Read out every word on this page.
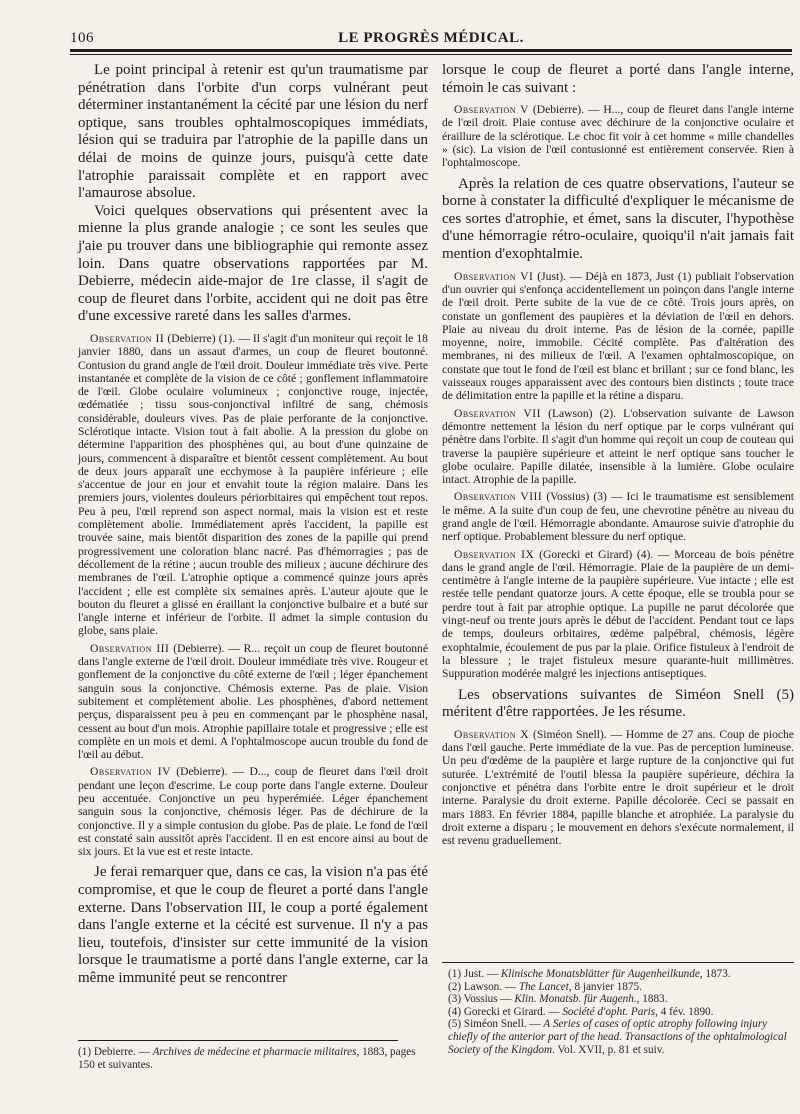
106	LE PROGRÈS MÉDICAL.

Le point principal à retenir est qu'un traumatisme par pénétration dans l'orbite d'un corps vulnérant peut déterminer instantanément la cécité par une lésion du nerf optique, sans troubles ophtalmoscopiques immédiats, lésion qui se traduira par l'atrophie de la papille dans un délai de moins de quinze jours, puisqu'à cette date l'atrophie paraissait complète et en rapport avec l'amaurose absolue.

Voici quelques observations qui présentent avec la mienne la plus grande analogie ; ce sont les seules que j'aie pu trouver dans une bibliographie qui remonte assez loin. Dans quatre observations rapportées par M. Debierre, médecin aide-major de 1re classe, il s'agit de coup de fleuret dans l'orbite, accident qui ne doit pas être d'une excessive rareté dans les salles d'armes.

Observation II (Debierre) (1). — Il s'agit d'un moniteur qui reçoit le 18 janvier 1880, dans un assaut d'armes, un coup de fleuret boutonné. Contusion du grand angle de l'œil droit. Douleur immédiate très vive. Perte instantanée et complète de la vision de ce côté ; gonflement inflammatoire de l'œil. Globe oculaire volumineux ; conjonctive rouge, injectée, œdématiée ; tissu sous-conjonctival infiltré de sang, chémosis considérable, douleurs vives. Pas de plaie perforante de la conjonctive. Sclérotique intacte. Vision tout à fait abolie. A la pression du globe on détermine l'apparition des phosphènes qui, au bout d'une quinzaine de jours, commencent à disparaître et bientôt cessent complètement. Au bout de deux jours apparaît une ecchymose à la paupière inférieure ; elle s'accentue de jour en jour et envahit toute la région malaire. Dans les premiers jours, violentes douleurs périorbitaires qui empêchent tout repos. Peu à peu, l'œil reprend son aspect normal, mais la vision est et reste complètement abolie. Immédiatement après l'accident, la papille est trouvée saine, mais bientôt disparition des zones de la papille qui prend progressivement une coloration blanc nacré. Pas d'hémorragies ; pas de décollement de la rétine ; aucun trouble des milieux ; aucune déchirure des membranes de l'œil. L'atrophie optique a commencé quinze jours après l'accident ; elle est complète six semaines après. L'auteur ajoute que le bouton du fleuret a glissé en éraillant la conjonctive bulbaire et a buté sur l'angle interne et inférieur de l'orbite. Il admet la simple contusion du globe, sans plaie.

Observation III (Debierre). — R... reçoit un coup de fleuret boutonné dans l'angle externe de l'œil droit. Douleur immédiate très vive. Rougeur et gonflement de la conjonctive du côté externe de l'œil ; léger épanchement sanguin sous la conjonctive. Chémosis externe. Pas de plaie. Vision subitement et complètement abolie. Les phosphènes, d'abord nettement perçus, disparaissent peu à peu en commençant par le phosphène nasal, cessent au bout d'un mois. Atrophie papillaire totale et progressive ; elle est complète en un mois et demi. A l'ophtalmoscope aucun trouble du fond de l'œil au début.

Observation IV (Debierre). — D..., coup de fleuret dans l'œil droit pendant une leçon d'escrime. Le coup porte dans l'angle externe. Douleur peu accentuée. Conjonctive un peu hyperémiée. Léger épanchement sanguin sous la conjonctive, chémosis léger. Pas de déchirure de la conjonctive. Il y a simple contusion du globe. Pas de plaie. Le fond de l'œil est constaté sain aussitôt après l'accident. Il en est encore ainsi au bout de six jours. Et la vue est et reste intacte.

Je ferai remarquer que, dans ce cas, la vision n'a pas été compromise, et que le coup de fleuret a porté dans l'angle externe. Dans l'observation III, le coup a porté également dans l'angle externe et la cécité est survenue. Il n'y a pas lieu, toutefois, d'insister sur cette immunité de la vision lorsque le traumatisme a porté dans l'angle externe, car la même immunité peut se rencontrer

(1) Debierre. — Archives de médecine et pharmacie militaires, 1883, pages 150 et suivantes.

lorsque le coup de fleuret a porté dans l'angle interne, témoin le cas suivant :

Observation V (Debierre). — H..., coup de fleuret dans l'angle interne de l'œil droit. Plaie contuse avec déchirure de la conjonctive oculaire et éraillure de la sclérotique. Le choc fit voir à cet homme « mille chandelles » (sic). La vision de l'œil contusionné est entièrement conservée. Rien à l'ophtalmoscope.

Après la relation de ces quatre observations, l'auteur se borne à constater la difficulté d'expliquer le mécanisme de ces sortes d'atrophie, et émet, sans la discuter, l'hypothèse d'une hémorragie rétro-oculaire, quoiqu'il n'ait jamais fait mention d'exophtalmie.

Observation VI (Just). — Déjà en 1873, Just (1) publiait l'observation d'un ouvrier qui s'enfonça accidentellement un poinçon dans l'angle interne de l'œil droit. Perte subite de la vue de ce côté. Trois jours après, on constate un gonflement des paupières et la déviation de l'œil en dehors. Plaie au niveau du droit interne. Pas de lésion de la cornée, papille moyenne, noire, immobile. Cécité complète. Pas d'altération des membranes, ni des milieux de l'œil. A l'examen ophtalmoscopique, on constate que tout le fond de l'œil est blanc et brillant ; sur ce fond blanc, les vaisseaux rouges apparaissent avec des contours bien distincts ; toute trace de délimitation entre la papille et la rétine a disparu.

Observation VII (Lawson) (2). L'observation suivante de Lawson démontre nettement la lésion du nerf optique par le corps vulnérant qui pénètre dans l'orbite. Il s'agit d'un homme qui reçoit un coup de couteau qui traverse la paupière supérieure et atteint le nerf optique sans toucher le globe oculaire. Papille dilatée, insensible à la lumière. Globe oculaire intact. Atrophie de la papille.

Observation VIII (Vossius) (3) — Ici le traumatisme est sensiblement le même. A la suite d'un coup de feu, une chevrotine pénètre au niveau du grand angle de l'œil. Hémorragie abondante. Amaurose suivie d'atrophie du nerf optique. Probablement blessure du nerf optique.

Observation IX (Gorecki et Girard) (4). — Morceau de bois pénètre dans le grand angle de l'œil. Hémorragie. Plaie de la paupière de un demi-centimètre à l'angle interne de la paupière supérieure. Vue intacte ; elle est restée telle pendant quatorze jours. A cette époque, elle se troubla pour se perdre tout à fait par atrophie optique. La pupille ne parut décolorée que vingt-neuf ou trente jours après le début de l'accident. Pendant tout ce laps de temps, douleurs orbitaires, œdème palpébral, chémosis, légère exophtalmie, écoulement de pus par la plaie. Orifice fistuleux à l'endroit de la blessure ; le trajet fistuleux mesure quarante-huit millimètres. Suppuration modérée malgré les injections antiseptiques.

Les observations suivantes de Siméon Snell (5) méritent d'être rapportées. Je les résume.

Observation X (Siméon Snell). — Homme de 27 ans. Coup de pioche dans l'œil gauche. Perte immédiate de la vue. Pas de perception lumineuse. Un peu d'œdème de la paupière et large rupture de la conjonctive qui fut suturée. L'extrémité de l'outil blessa la paupière supérieure, déchira la conjonctive et pénétra dans l'orbite entre le droit supérieur et le droit interne. Paralysie du droit externe. Papille décolorée. Ceci se passait en mars 1883. En février 1884, papille blanche et atrophiée. La paralysie du droit externe a disparu ; le mouvement en dehors s'exécute normalement, il est revenu graduellement.

(1) Just. — Klinische Monatsblätter für Augenheilkunde, 1873.
(2) Lawson. — The Lancet, 8 janvier 1875.
(3) Vossius — Klin. Monatsb. für Augenh., 1883.
(4) Gorecki et Girard. — Société d'opht. Paris, 4 fév. 1890.
(5) Siméon Snell. — A Series of cases of optic atrophy following injury chiefly of the anterior part of the head. Transactions of the ophtalmological Society of the Kingdom. Vol. XVII, p. 81 et suiv.
